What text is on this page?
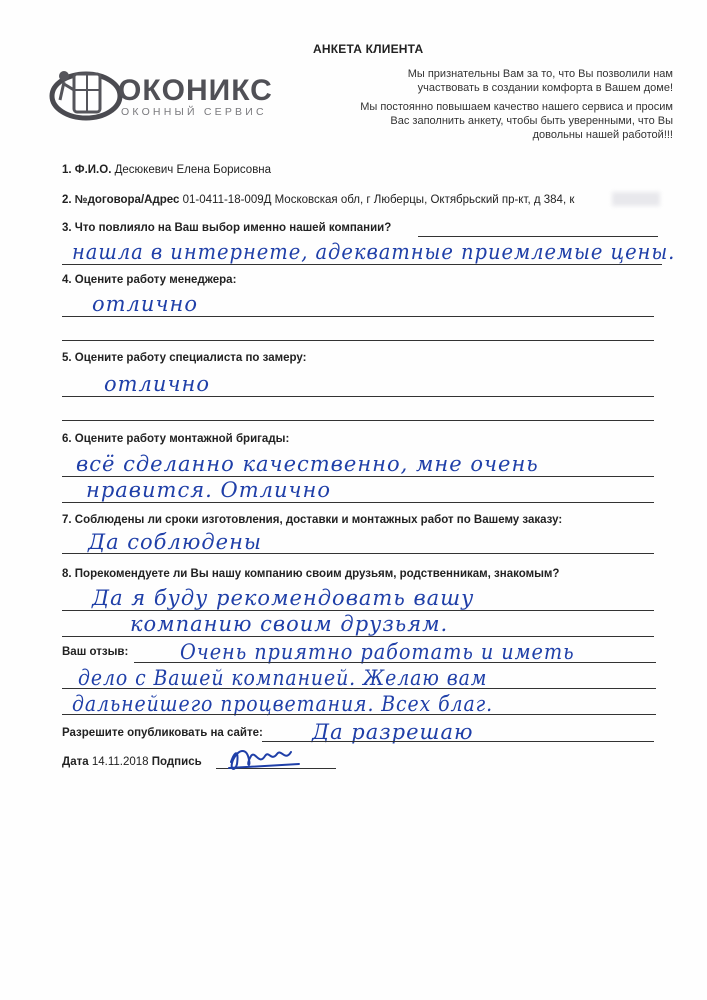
АНКЕТА КЛИЕНТА
ОКОНИКС
ОКОННЫЙ СЕРВИС
Мы признательны Вам за то, что Вы позволили нам участвовать в создании комфорта в Вашем доме!
Мы постоянно повышаем качество нашего сервиса и просим Вас заполнить анкету, чтобы быть уверенными, что Вы довольны нашей работой!!!
1. Ф.И.О. Десюкевич Елена Борисовна
2. №договора/Адрес 01-0411-18-009Д Московская обл, г Люберцы, Октябрьский пр-кт, д 384, к
3. Что повлияло на Ваш выбор именно нашей компании?
нашла в интернете, адекватные приемлемые цены.
4. Оцените работу менеджера:
отлично
5. Оцените работу специалиста по замеру:
отлично
6. Оцените работу монтажной бригады:
всё сделанно качественно, мне очень
нравится. Отлично
7. Соблюдены ли сроки изготовления, доставки и монтажных работ по Вашему заказу:
Да соблюдены
8. Порекомендуете ли Вы нашу компанию своим друзьям, родственникам, знакомым?
Да я буду рекомендовать вашу
компанию своим друзьям.
Ваш отзыв: Очень приятно работать и иметь
дело с Вашей компанией. Желаю вам
дальнейшего процветания. Всех благ.
Разрешите опубликовать на сайте: Да разрешаю
Дата 14.11.2018 Подпись
